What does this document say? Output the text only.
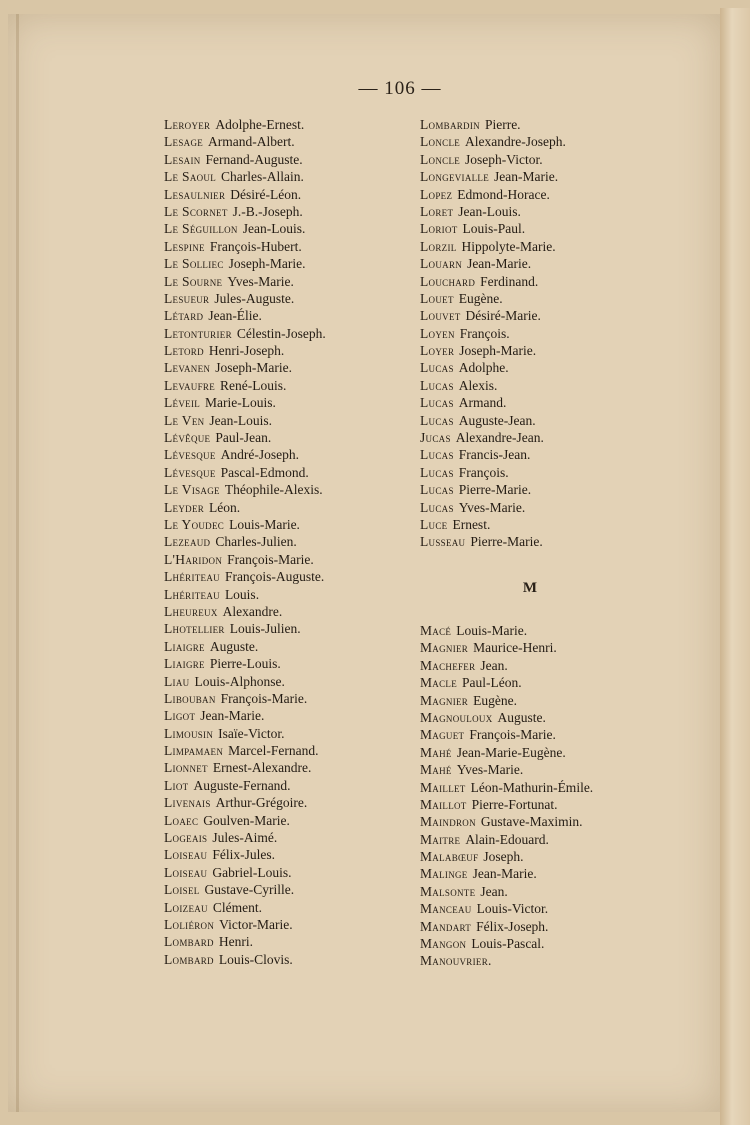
— 106 —
Leroyer Adolphe-Ernest.
Lesage Armand-Albert.
Lesain Fernand-Auguste.
Le Saoul Charles-Allain.
Lesaulnier Désiré-Léon.
Le Scornet J.-B.-Joseph.
Le Séguillon Jean-Louis.
Lespine François-Hubert.
Le Solliec Joseph-Marie.
Le Sourne Yves-Marie.
Lesueur Jules-Auguste.
Létard Jean-Élie.
Letonturier Célestin-Joseph.
Letord Henri-Joseph.
Levanen Joseph-Marie.
Levaufre René-Louis.
Léveil Marie-Louis.
Le Ven Jean-Louis.
Lévêque Paul-Jean.
Lévesque André-Joseph.
Lévesque Pascal-Edmond.
Le Visage Théophile-Alexis.
Leyder Léon.
Le Youdec Louis-Marie.
Lezeaud Charles-Julien.
L'Haridon François-Marie.
Lhériteau François-Auguste.
Lhériteau Louis.
Lheureux Alexandre.
Lhotellier Louis-Julien.
Liaigre Auguste.
Liaigre Pierre-Louis.
Liau Louis-Alphonse.
Libouban François-Marie.
Ligot Jean-Marie.
Limousin Isaïe-Victor.
Limpamaen Marcel-Fernand.
Lionnet Ernest-Alexandre.
Liot Auguste-Fernand.
Livenais Arthur-Grégoire.
Loaec Goulven-Marie.
Logeais Jules-Aimé.
Loiseau Félix-Jules.
Loiseau Gabriel-Louis.
Loisel Gustave-Cyrille.
Loizeau Clément.
Loliéron Victor-Marie.
Lombard Henri.
Lombard Louis-Clovis.
Lombardin Pierre.
Loncle Alexandre-Joseph.
Loncle Joseph-Victor.
Longevialle Jean-Marie.
Lopez Edmond-Horace.
Loret Jean-Louis.
Loriot Louis-Paul.
Lorzil Hippolyte-Marie.
Louarn Jean-Marie.
Louchard Ferdinand.
Louet Eugène.
Louvet Désiré-Marie.
Loyen François.
Loyer Joseph-Marie.
Lucas Adolphe.
Lucas Alexis.
Lucas Armand.
Lucas Auguste-Jean.
Jucas Alexandre-Jean.
Lucas Francis-Jean.
Lucas François.
Lucas Pierre-Marie.
Lucas Yves-Marie.
Luce Ernest.
Lusseau Pierre-Marie.
M
Macé Louis-Marie.
Magnier Maurice-Henri.
Machefer Jean.
Macle Paul-Léon.
Magnier Eugène.
Magnouloux Auguste.
Maguet François-Marie.
Mahé Jean-Marie-Eugène.
Mahé Yves-Marie.
Maillet Léon-Mathurin-Émile.
Maillot Pierre-Fortunat.
Maindron Gustave-Maximin.
Maitre Alain-Edouard.
Malabœuf Joseph.
Malinge Jean-Marie.
Malsonte Jean.
Manceau Louis-Victor.
Mandart Félix-Joseph.
Mangon Louis-Pascal.
Manouvrier.
